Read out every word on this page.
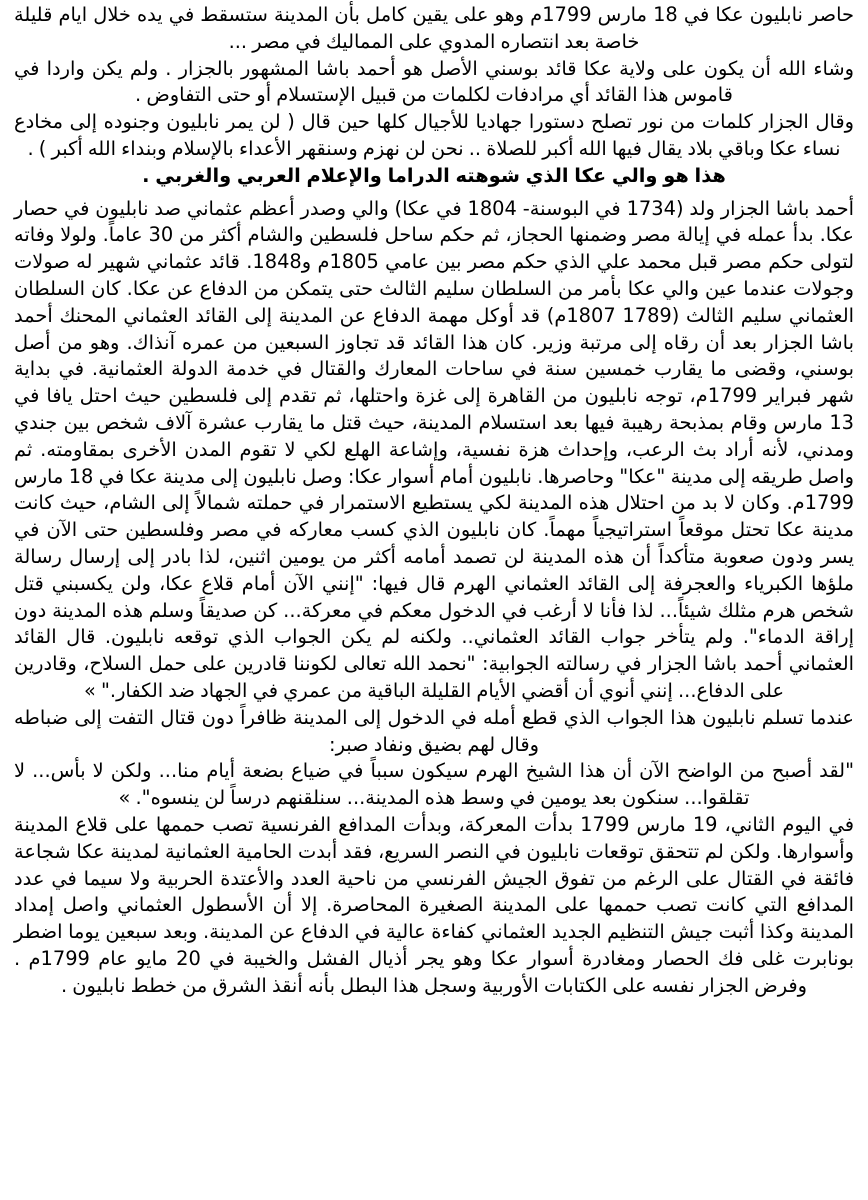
حاصر نابليون عكا في 18 مارس 1799م وهو على يقين كامل بأن المدينة ستسقط في يده خلال ايام قليلة خاصة بعد انتصاره المدوي على المماليك في مصر ...

وشاء الله أن يكون على ولاية عكا قائد بوسني الأصل هو أحمد باشا المشهور بالجزار . ولم يكن واردا في قاموس هذا القائد أي مرادفات لكلمات من قبيل الإستسلام أو حتى التفاوض .

وقال الجزار كلمات من نور تصلح دستورا جهاديا للأجيال كلها حين قال ( لن يمر نابليون وجنوده إلى مخادع نساء عكا وباقي بلاد يقال فيها الله أكبر للصلاة .. نحن لن نهزم وسنقهر الأعداء بالإسلام وبنداء الله أكبر ) .

هذا هو والي عكا الذي شوهته الدراما والإعلام العربي والغربي .

أحمد باشا الجزار ولد (1734 في البوسنة- 1804 في عكا) والي وصدر أعظم عثماني صد نابليون في حصار عكا. بدأ عمله في إيالة مصر وضمنها الحجاز، ثم حكم ساحل فلسطين والشام أكثر من 30 عاماً. ولولا وفاته لتولى حكم مصر قبل محمد علي الذي حكم مصر بين عامي 1805م و1848. قائد عثماني شهير له صولات وجولات عندما عين والي عكا بأمر من السلطان سليم الثالث حتى يتمكن من الدفاع عن عكا. كان السلطان العثماني سليم الثالث (1789 1807م) قد أوكل مهمة الدفاع عن المدينة إلى القائد العثماني المحنك أحمد باشا الجزار بعد أن رقاه إلى مرتبة وزير. كان هذا القائد قد تجاوز السبعين من عمره آنذاك. وهو من أصل بوسني، وقضى ما يقارب خمسين سنة في ساحات المعارك والقتال في خدمة الدولة العثمانية. في بداية شهر فبراير 1799م، توجه نابليون من القاهرة إلى غزة واحتلها، ثم تقدم إلى فلسطين حيث احتل يافا في 13 مارس وقام بمذبحة رهيبة فيها بعد استسلام المدينة، حيث قتل ما يقارب عشرة آلاف شخص بين جندي ومدني، لأنه أراد بث الرعب، وإحداث هزة نفسية، وإشاعة الهلع لكي لا تقوم المدن الأخرى بمقاومته. ثم واصل طريقه إلى مدينة "عكا" وحاصرها. نابليون أمام أسوار عكا: وصل نابليون إلى مدينة عكا في 18 مارس 1799م. وكان لا بد من احتلال هذه المدينة لكي يستطيع الاستمرار في حملته شمالاً إلى الشام، حيث كانت مدينة عكا تحتل موقعاً استراتيجياً مهماً. كان نابليون الذي كسب معاركه في مصر وفلسطين حتى الآن في يسر ودون صعوبة متأكداً أن هذه المدينة لن تصمد أمامه أكثر من يومين اثنين، لذا بادر إلى إرسال رسالة ملؤها الكبرياء والعجرفة إلى القائد العثماني الهرم قال فيها: "إنني الآن أمام قلاع عكا، ولن يكسبني قتل شخص هرم مثلك شيئاً... لذا فأنا لا أرغب في الدخول معكم في معركة... كن صديقاً وسلم هذه المدينة دون إراقة الدماء". ولم يتأخر جواب القائد العثماني.. ولكنه لم يكن الجواب الذي توقعه نابليون. قال القائد العثماني أحمد باشا الجزار في رسالته الجوابية: "نحمد الله تعالى لكوننا قادرين على حمل السلاح، وقادرين على الدفاع... إنني أنوي أن أقضي الأيام القليلة الباقية من عمري في الجهاد ضد الكفار." »

عندما تسلم نابليون هذا الجواب الذي قطع أمله في الدخول إلى المدينة ظافراً دون قتال التفت إلى ضباطه وقال لهم بضيق ونفاد صبر:

"لقد أصبح من الواضح الآن أن هذا الشيخ الهرم سيكون سبباً في ضياع بضعة أيام منا... ولكن لا بأس... لا تقلقوا... سنكون بعد يومين في وسط هذه المدينة... سنلقنهم درساً لن ينسوه". »

في اليوم الثاني، 19 مارس 1799 بدأت المعركة، وبدأت المدافع الفرنسية تصب حممها على قلاع المدينة وأسوارها. ولكن لم تتحقق توقعات نابليون في النصر السريع، فقد أبدت الحامية العثمانية لمدينة عكا شجاعة فائقة في القتال على الرغم من تفوق الجيش الفرنسي من ناحية العدد والأعتدة الحربية ولا سيما في عدد المدافع التي كانت تصب حممها على المدينة الصغيرة المحاصرة. إلا أن الأسطول العثماني واصل إمداد المدينة وكذا أثبت جيش التنظيم الجديد العثماني كفاءة عالية في الدفاع عن المدينة. وبعد سبعين يوما اضطر بونابرت غلى فك الحصار ومغادرة أسوار عكا وهو يجر أذيال الفشل والخيبة في 20 مايو عام 1799م . وفرض الجزار نفسه على الكتابات الأوربية وسجل هذا البطل بأنه أنقذ الشرق من خطط نابليون .
